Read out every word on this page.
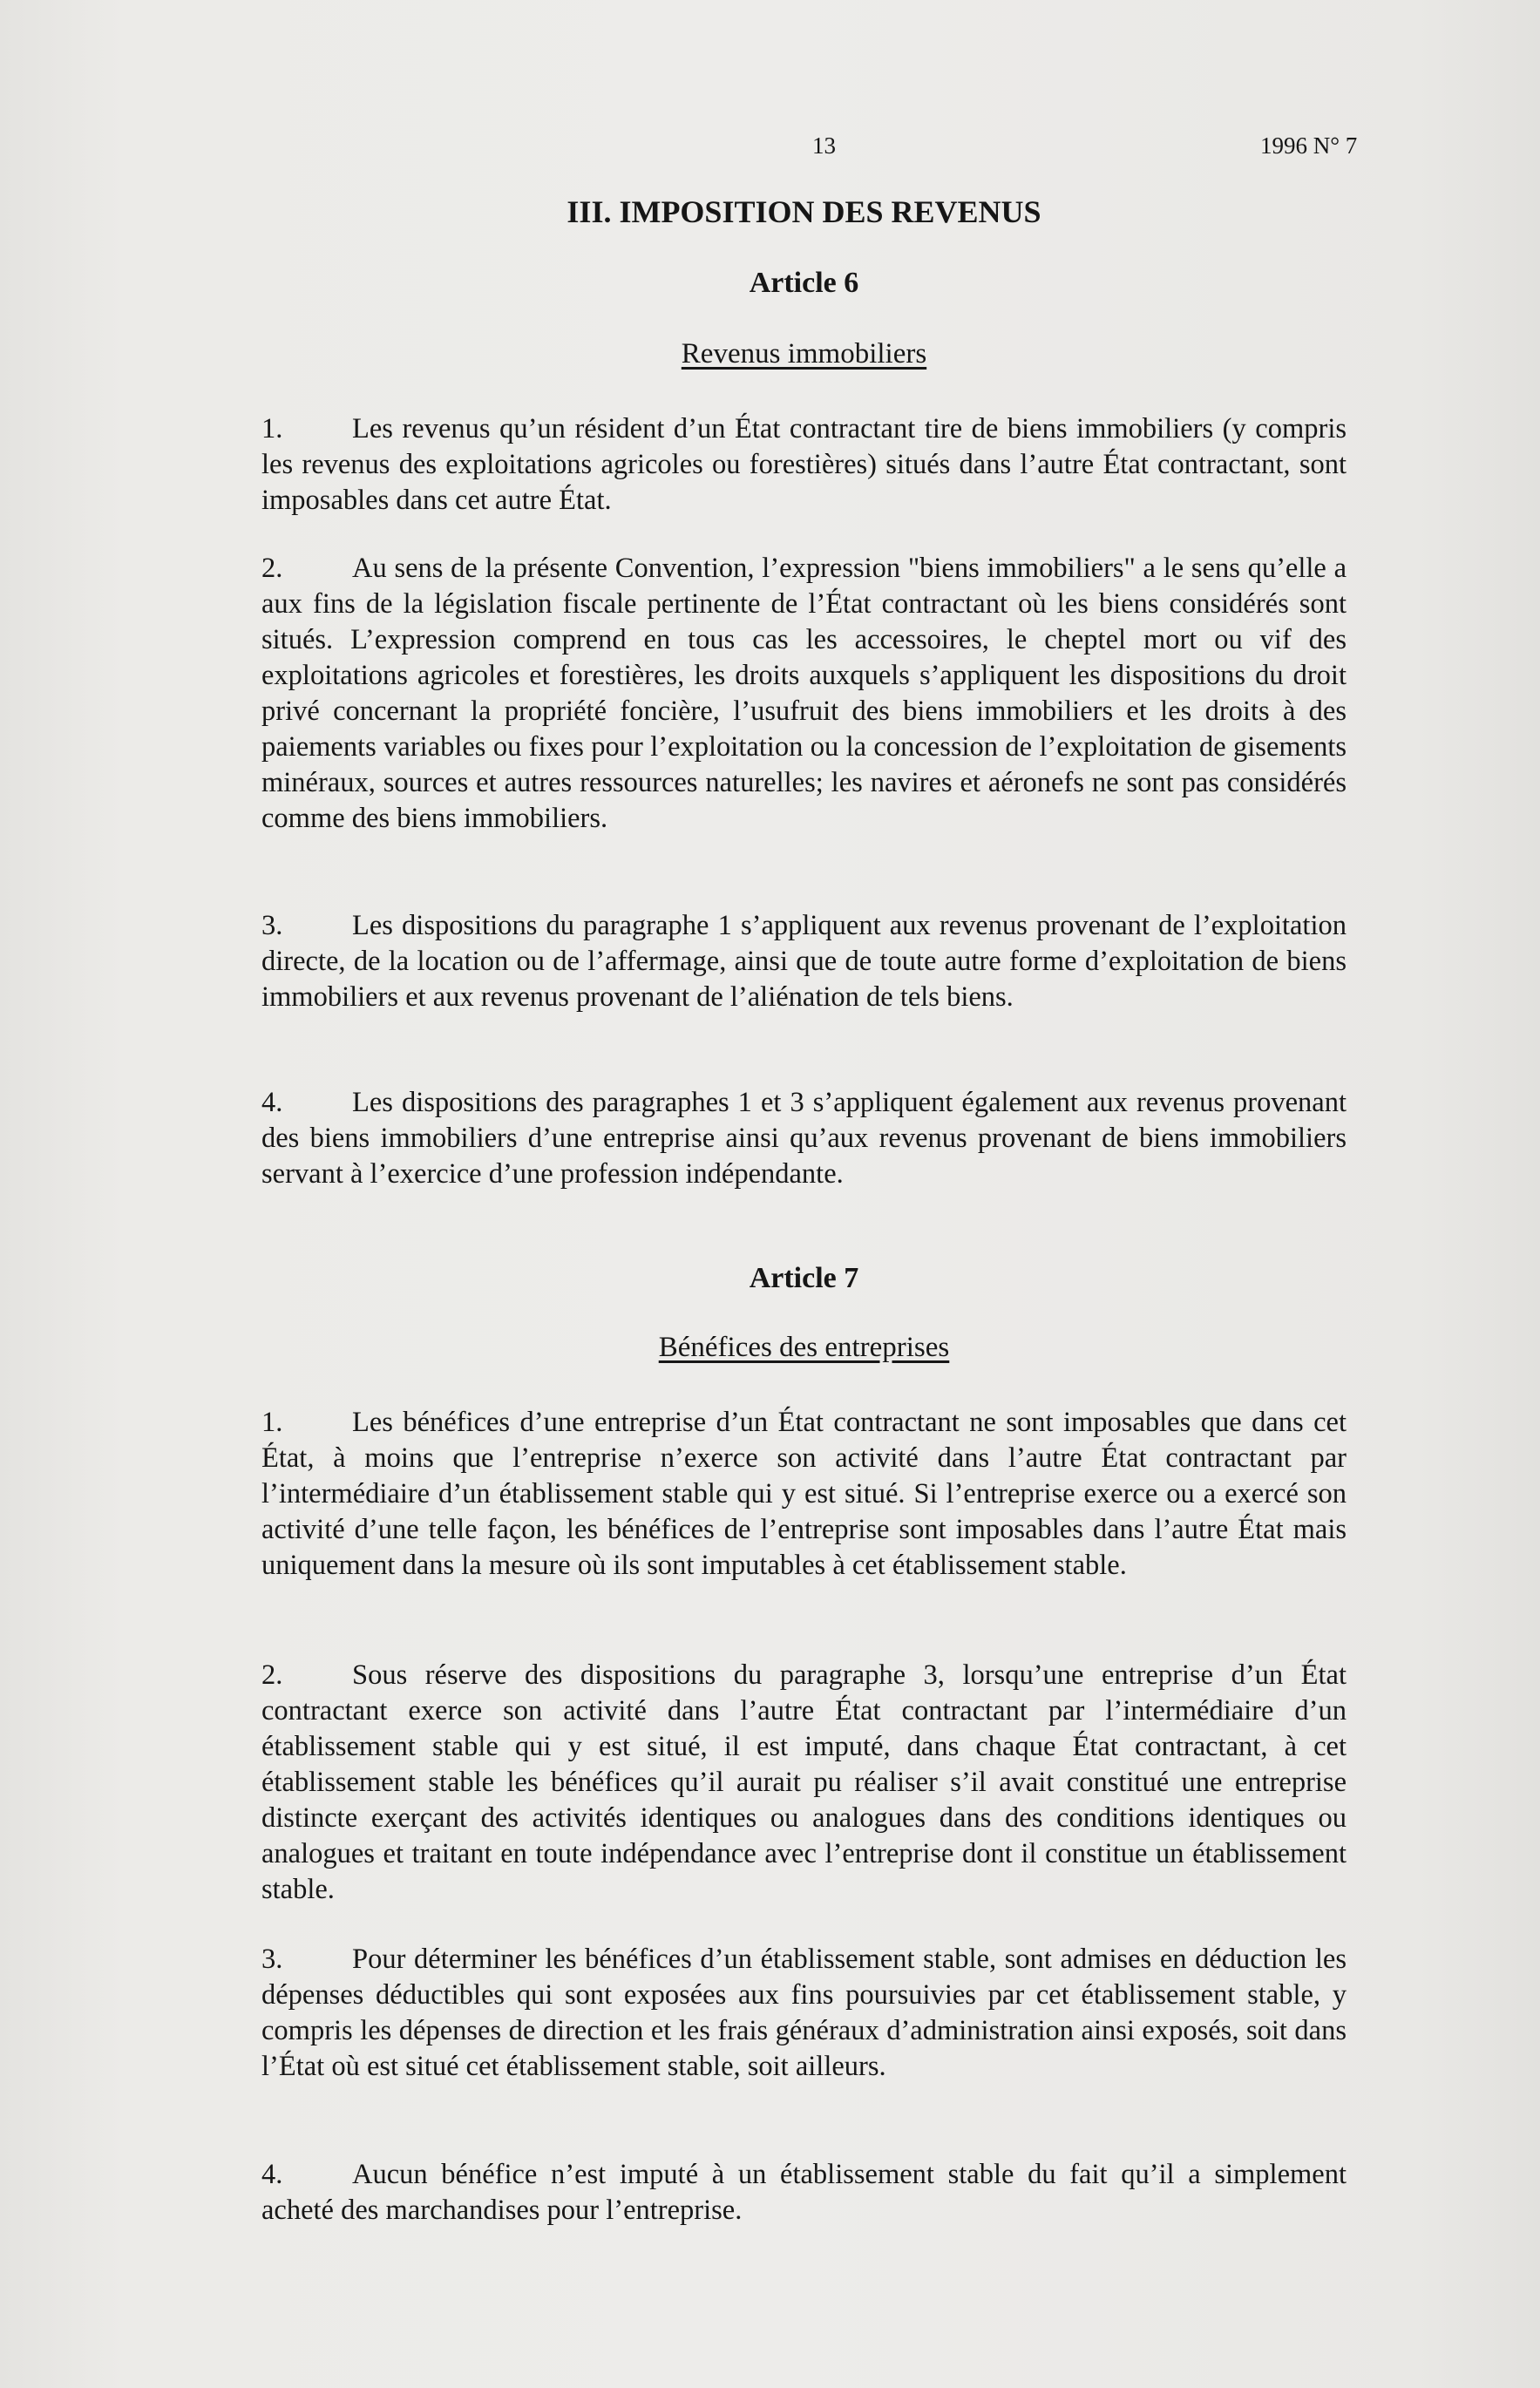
13	1996 N° 7
III. IMPOSITION DES REVENUS
Article 6
Revenus immobiliers
1. Les revenus qu’un résident d’un État contractant tire de biens immobiliers (y compris les revenus des exploitations agricoles ou forestières) situés dans l’autre État contractant, sont imposables dans cet autre État.
2. Au sens de la présente Convention, l’expression "biens immobiliers" a le sens qu’elle a aux fins de la législation fiscale pertinente de l’État contractant où les biens considérés sont situés. L’expression comprend en tous cas les accessoires, le cheptel mort ou vif des exploitations agricoles et forestières, les droits auxquels s’appliquent les dispositions du droit privé concernant la propriété foncière, l’usufruit des biens immobiliers et les droits à des paiements variables ou fixes pour l’exploitation ou la concession de l’exploitation de gisements minéraux, sources et autres ressources naturelles; les navires et aéronefs ne sont pas considérés comme des biens immobiliers.
3. Les dispositions du paragraphe 1 s’appliquent aux revenus provenant de l’exploitation directe, de la location ou de l’affermage, ainsi que de toute autre forme d’exploitation de biens immobiliers et aux revenus provenant de l’aliénation de tels biens.
4. Les dispositions des paragraphes 1 et 3 s’appliquent également aux revenus provenant des biens immobiliers d’une entreprise ainsi qu’aux revenus provenant de biens immobiliers servant à l’exercice d’une profession indépendante.
Article 7
Bénéfices des entreprises
1. Les bénéfices d’une entreprise d’un État contractant ne sont imposables que dans cet État, à moins que l’entreprise n’exerce son activité dans l’autre État contractant par l’intermédiaire d’un établissement stable qui y est situé. Si l’entreprise exerce ou a exercé son activité d’une telle façon, les bénéfices de l’entreprise sont imposables dans l’autre État mais uniquement dans la mesure où ils sont imputables à cet établissement stable.
2. Sous réserve des dispositions du paragraphe 3, lorsqu’une entreprise d’un État contractant exerce son activité dans l’autre État contractant par l’intermédiaire d’un établissement stable qui y est situé, il est imputé, dans chaque État contractant, à cet établissement stable les bénéfices qu’il aurait pu réaliser s’il avait constitué une entreprise distincte exerçant des activités identiques ou analogues dans des conditions identiques ou analogues et traitant en toute indépendance avec l’entreprise dont il constitue un établissement stable.
3. Pour déterminer les bénéfices d’un établissement stable, sont admises en déduction les dépenses déductibles qui sont exposées aux fins poursuivies par cet établissement stable, y compris les dépenses de direction et les frais généraux d’administration ainsi exposés, soit dans l’État où est situé cet établissement stable, soit ailleurs.
4. Aucun bénéfice n’est imputé à un établissement stable du fait qu’il a simplement acheté des marchandises pour l’entreprise.
